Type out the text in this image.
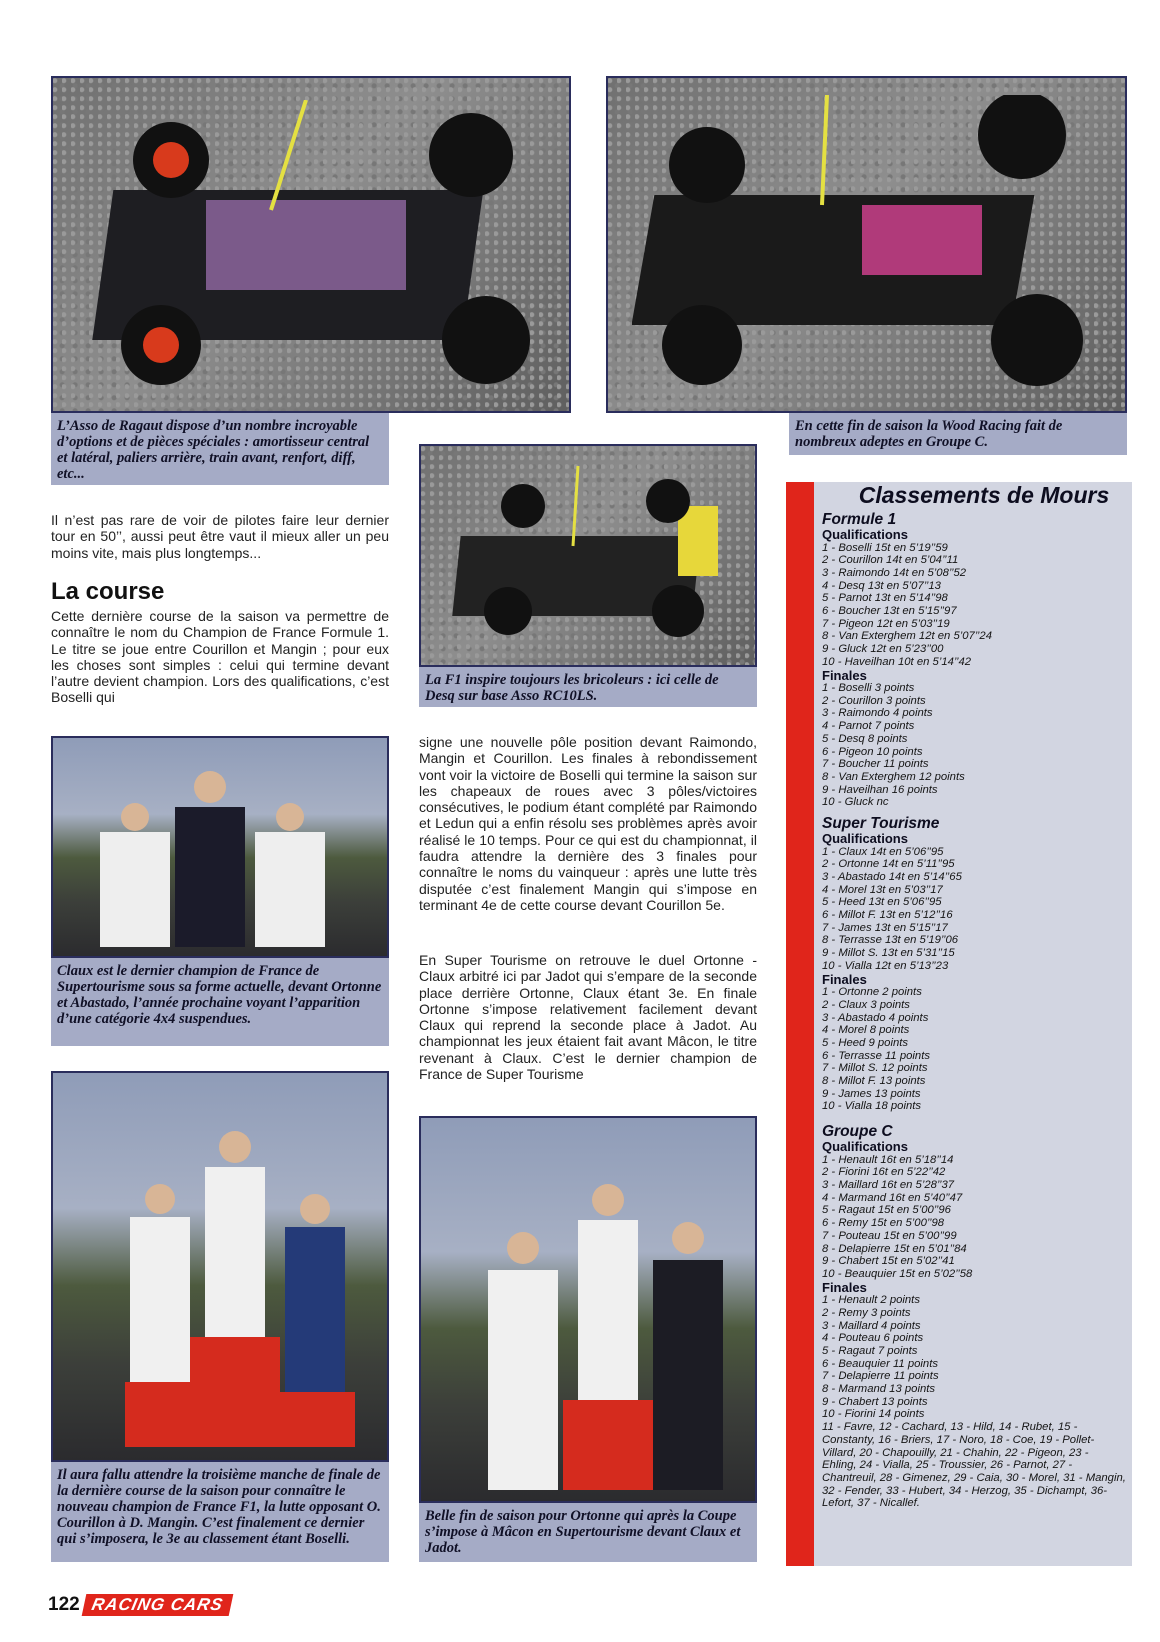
L’Asso de Ragaut dispose d’un nombre incroyable d’options et de pièces spéciales : amortisseur central et latéral, paliers arrière, train avant, renfort, diff, etc...
En cette fin de saison la Wood Racing fait de nombreux adeptes en Groupe C.
La F1 inspire toujours les bricoleurs : ici celle de Desq sur base Asso RC10LS.
Il n’est pas rare de voir de pilotes faire leur dernier tour en 50’’, aussi peut être vaut il mieux aller un peu moins vite, mais plus longtemps...
La course
Cette dernière course de la saison va permettre de connaître le nom du Champion de France Formule 1. Le titre se joue entre Courillon et Mangin ; pour eux les choses sont simples : celui qui termine devant l’autre devient champion. Lors des qualifications, c’est Boselli qui
Claux est le dernier champion de France de Supertourisme sous sa forme actuelle, devant Ortonne et Abastado, l’année prochaine voyant l’apparition d’une catégorie 4x4 suspendues.
signe une nouvelle pôle position devant Raimondo, Mangin et Courillon. Les finales à rebondissement vont voir la victoire de Boselli qui termine la saison sur les chapeaux de roues avec 3 pôles/victoires consécutives, le podium étant complété par Raimondo et Ledun qui a enfin résolu ses problèmes après avoir réalisé le 10 temps. Pour ce qui est du championnat, il faudra attendre la dernière des 3 finales pour connaître le noms du vainqueur : après une lutte très disputée c’est finalement Mangin qui s’impose en terminant 4e de cette course devant Courillon 5e.
En Super Tourisme on retrouve le duel Ortonne - Claux arbitré ici par Jadot qui s’empare de la seconde place derrière Ortonne, Claux étant 3e. En finale Ortonne s’impose relativement facilement devant Claux qui reprend la seconde place à Jadot. Au championnat les jeux étaient fait avant Mâcon, le titre revenant à Claux. C’est le dernier champion de France de Super Tourisme
Il aura fallu attendre la troisième manche de finale de la dernière course de la saison pour connaître le nouveau champion de France F1, la lutte opposant O. Courillon à D. Mangin. C’est finalement ce dernier qui s’imposera, le 3e au classement étant Boselli.
Belle fin de saison pour Ortonne qui après la Coupe s’impose à Mâcon en Supertourisme devant Claux et Jadot.
Classements de Mours
Formule 1
Qualifications
1 - Boselli 15t en 5’19’’59
2 - Courillon 14t en 5’04’’11
3 - Raimondo 14t en 5’08’’52
4 - Desq 13t en 5’07’’13
5 - Parnot 13t en 5’14’’98
6 - Boucher 13t en 5’15’’97
7 - Pigeon 12t en 5’03’’19
8 - Van Exterghem 12t en 5’07’’24
9 - Gluck 12t en 5’23’’00
10 - Haveilhan 10t en 5’14’’42
Finales
1 - Boselli 3 points
2 - Courillon 3 points
3 - Raimondo 4 points
4 - Parnot 7 points
5 - Desq 8 points
6 - Pigeon 10 points
7 - Boucher 11 points
8 - Van Exterghem 12 points
9 - Haveilhan 16 points
10 - Gluck nc
Super Tourisme
Qualifications
1 - Claux 14t en 5’06’’95
2 - Ortonne 14t en 5’11’’95
3 - Abastado 14t en 5’14’’65
4 - Morel 13t en 5’03’’17
5 - Heed 13t en 5’06’’95
6 - Millot F. 13t en 5’12’’16
7 - James 13t en 5’15’’17
8 - Terrasse 13t en 5’19’’06
9 - Millot S. 13t en 5’31’’15
10 - Vialla 12t en 5’13’’23
Finales
1 - Ortonne 2 points
2 - Claux 3 points
3 - Abastado 4 points
4 - Morel 8 points
5 - Heed 9 points
6 - Terrasse 11 points
7 - Millot S. 12 points
8 - Millot F. 13 points
9 - James 13 points
10 - Vialla 18 points
Groupe C
Qualifications
1 - Henault 16t en 5’18’’14
2 - Fiorini 16t en 5’22’’42
3 - Maillard 16t en 5’28’’37
4 - Marmand 16t en 5’40’’47
5 - Ragaut 15t en 5’00’’96
6 - Remy 15t en 5’00’’98
7 - Pouteau 15t en 5’00’’99
8 - Delapierre 15t en 5’01’’84
9 - Chabert 15t en 5’02’’41
10 - Beauquier 15t en 5’02’’58
Finales
1 - Henault 2 points
2 - Remy 3 points
3 - Maillard 4 points
4 - Pouteau 6 points
5 - Ragaut 7 points
6 - Beauquier 11 points
7 - Delapierre 11 points
8 - Marmand 13 points
9 - Chabert 13 points
10 - Fiorini 14 points
11 - Favre, 12 - Cachard, 13 - Hild, 14 - Rubet, 15 - Constanty, 16 - Briers, 17 - Noro, 18 - Coe, 19 - Pollet-Villard, 20 - Chapouilly, 21 - Chahin, 22 - Pigeon, 23 - Ehling, 24 - Vialla, 25 - Troussier, 26 - Parnot, 27 - Chantreuil, 28 - Gimenez, 29 - Caia, 30 - Morel, 31 - Mangin, 32 - Fender, 33 - Hubert, 34 - Herzog, 35 - Dichampt, 36- Lefort, 37 - Nicallef.
122 RACING CARS
